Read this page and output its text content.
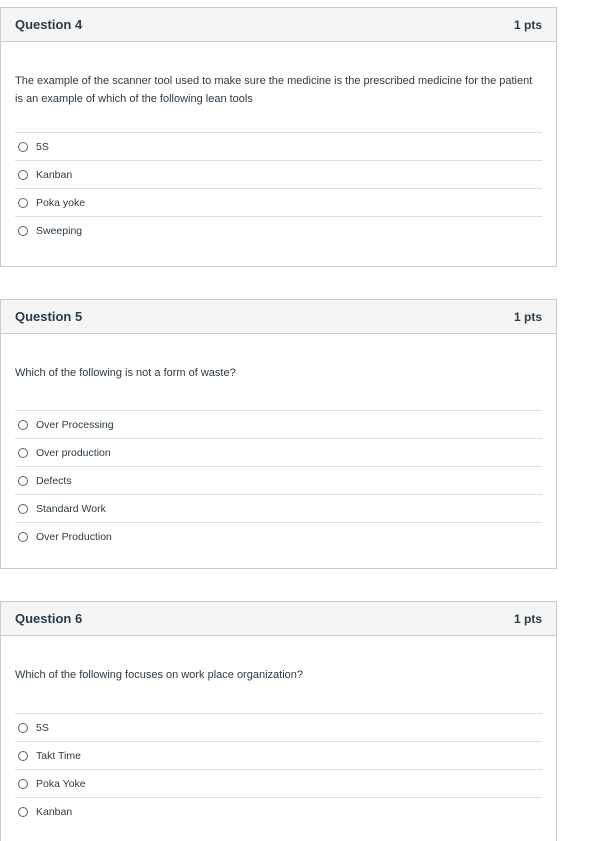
Question 4	1 pts
The example of the scanner tool used to make sure the medicine is the prescribed medicine for the patient is an example of which of the following lean tools
5S
Kanban
Poka yoke
Sweeping
Question 5	1 pts
Which of the following is not a form of waste?
Over Processing
Over production
Defects
Standard Work
Over Production
Question 6	1 pts
Which of the following focuses on work place organization?
5S
Takt Time
Poka Yoke
Kanban
